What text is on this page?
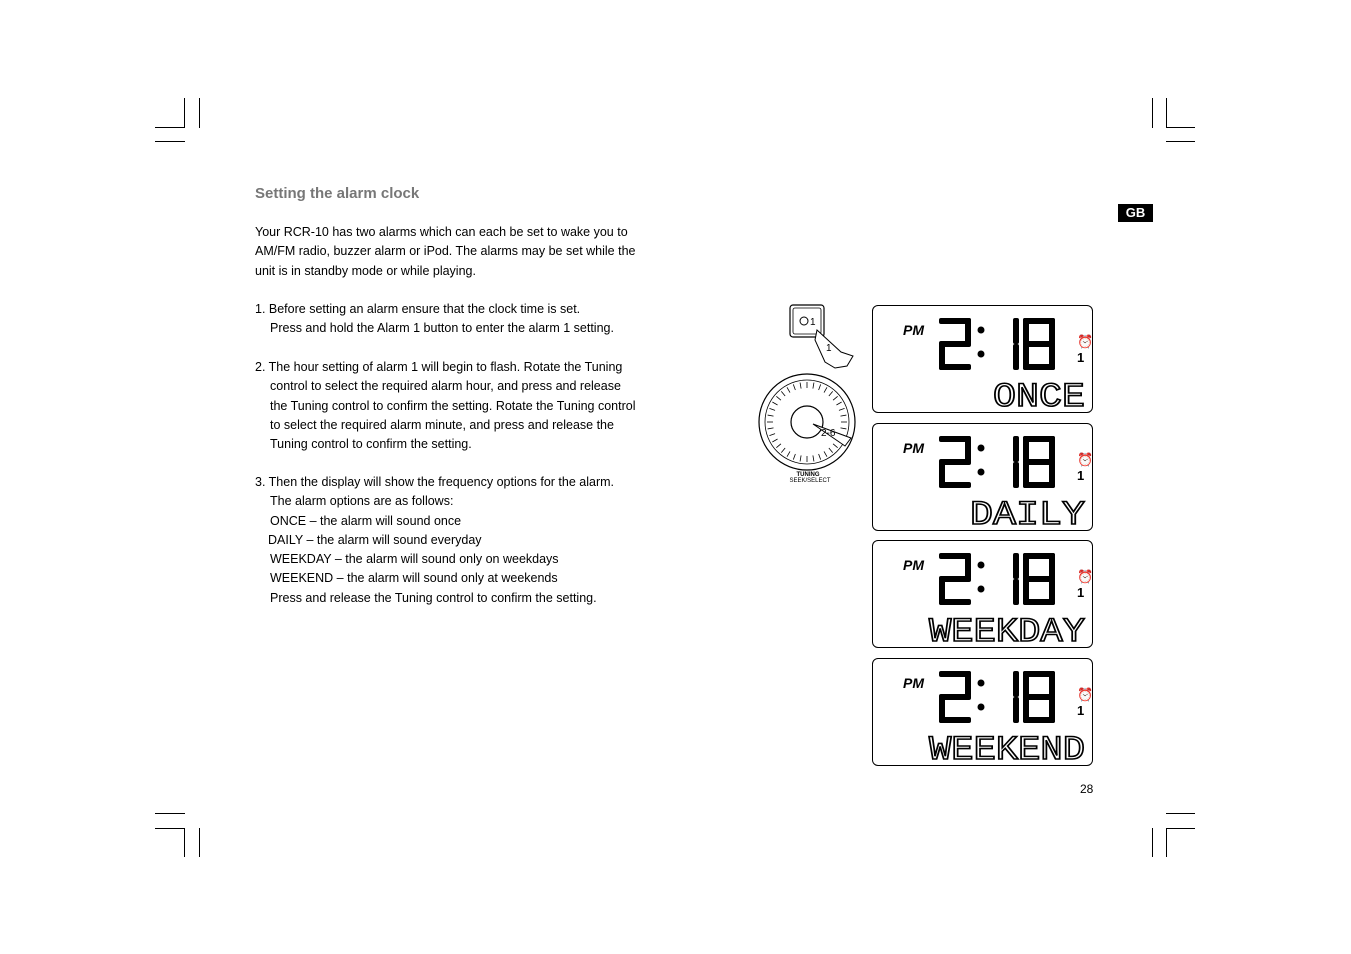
Setting the alarm clock
Your RCR-10 has two alarms which can each be set to wake you to
AM/FM radio, buzzer alarm or iPod. The alarms may be set while the
unit is in standby mode or while playing.
1. Before setting an alarm ensure that the clock time is set.
Press and hold the Alarm 1 button to enter the alarm 1 setting.
2. The hour setting of alarm 1 will begin to flash. Rotate the Tuning
control to select the required alarm hour, and press and release
the Tuning control to confirm the setting. Rotate the Tuning control
to select the required alarm minute, and press and release the
Tuning control to confirm the setting.
3. Then the display will show the frequency options for the alarm.
The alarm options are as follows:
ONCE – the alarm will sound once
DAILY – the alarm will sound everyday
WEEKDAY – the alarm will sound only on weekdays
WEEKEND – the alarm will sound only at weekends
Press and release the Tuning control to confirm the setting.
GB
28
1
1
2-6
TUNING
SEEK/SELECT
PM
ONCE
⏰1
PM
DAILY
⏰1
PM
WEEKDAY
⏰1
PM
WEEKEND
⏰1
